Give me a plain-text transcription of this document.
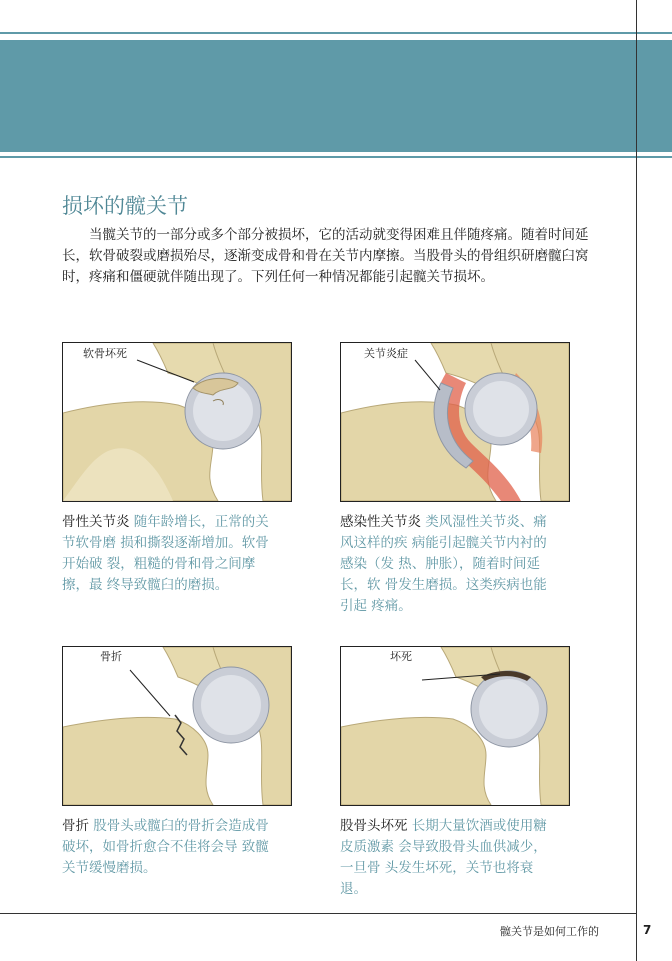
损坏的髋关节

当髋关节的一部分或多个部分被损坏，它的活动就变得困难且伴随疼痛。随着时间延长，软骨破裂或磨损殆尽，逐渐变成骨和骨在关节内摩擦。当股骨头的骨组织研磨髋臼窝时，疼痛和僵硬就伴随出现了。下列任何一种情况都能引起髋关节损坏。

软骨坏死

骨性关节炎 随年龄增长，正常的关节软骨磨 损和撕裂逐渐增加。软骨开始破 裂，粗糙的骨和骨之间摩擦，最 终导致髋臼的磨损。

关节炎症

感染性关节炎 类风湿性关节炎、痛风这样的疾 病能引起髋关节内衬的感染（发 热、肿胀），随着时间延长，软 骨发生磨损。这类疾病也能引起 疼痛。

骨折

骨折 股骨头或髋臼的骨折会造成骨 破坏，如骨折愈合不佳将会导 致髋关节缓慢磨损。

坏死

股骨头坏死 长期大量饮酒或使用糖皮质激素 会导致股骨头血供减少，一旦骨 头发生坏死，关节也将衰退。

髋关节是如何工作的	7
